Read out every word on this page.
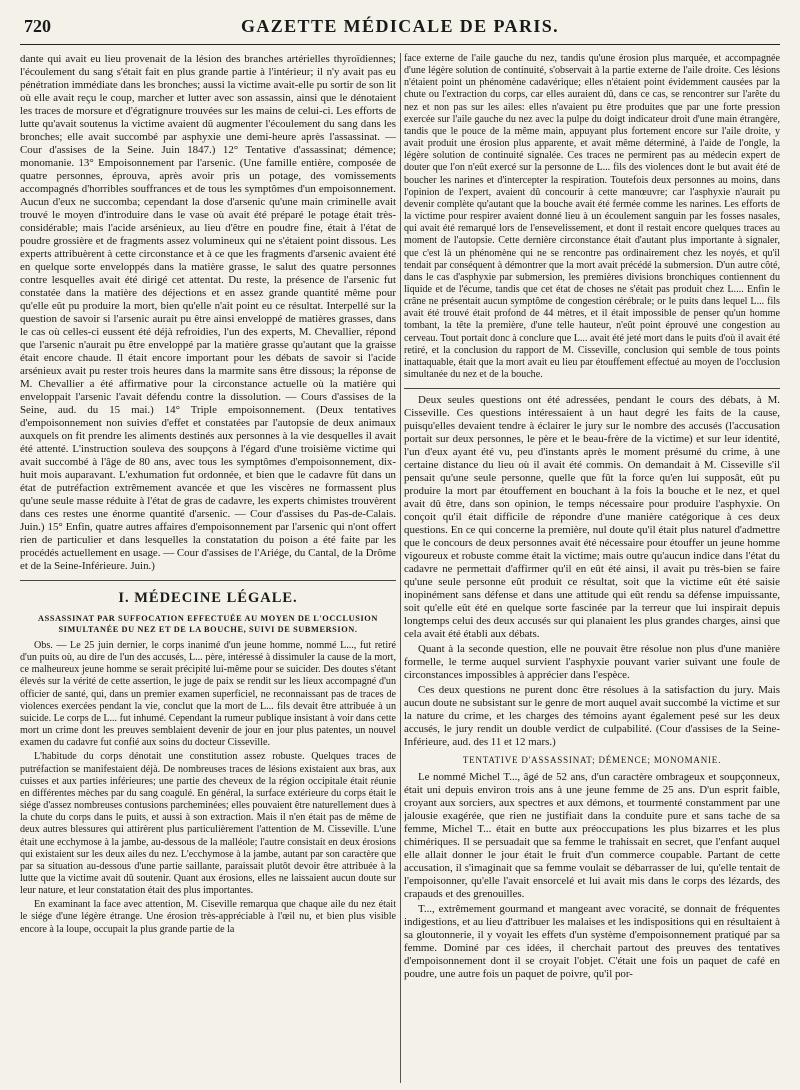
720	GAZETTE MÉDICALE DE PARIS.

dante qui avait eu lieu provenait de la lésion des branches artérielles thyroïdiennes; l'écoulement du sang s'était fait en plus grande partie à l'intérieur; il n'y avait pas eu pénétration immédiate dans les bronches; aussi la victime avait-elle pu sortir de son lit où elle avait reçu le coup, marcher et lutter avec son assassin, ainsi que le dénotaient les traces de morsure et d'égratignure trouvées sur les mains de celui-ci. Les efforts de lutte qu'avait soutenus la victime avaient dû augmenter l'écoulement du sang dans les bronches; elle avait succombé par asphyxie une demi-heure après l'assassinat. — Cour d'assises de la Seine. Juin 1847.) 12° Tentative d'assassinat; démence; monomanie. 13° Empoisonnement par l'arsenic. (Une famille entière, composée de quatre personnes, éprouva, après avoir pris un potage, des vomissements accompagnés d'horribles souffrances et de tous les symptômes d'un empoisonnement. Aucun d'eux ne succomba; cependant la dose d'arsenic qu'une main criminelle avait trouvé le moyen d'introduire dans le vase où avait été préparé le potage était très-considérable; mais l'acide arsénieux, au lieu d'être en poudre fine, était à l'état de poudre grossière et de fragments assez volumineux qui ne s'étaient point dissous. Les experts attribuèrent à cette circonstance et à ce que les fragments d'arsenic avaient été en quelque sorte enveloppés dans la matière grasse, le salut des quatre personnes contre lesquelles avait été dirigé cet attentat. Du reste, la présence de l'arsenic fut constatée dans la matière des déjections et en assez grande quantité même pour qu'elle eût pu produire la mort, bien qu'elle n'ait point eu ce résultat. Interpellé sur la question de savoir si l'arsenic aurait pu être ainsi enveloppé de matières grasses, dans le cas où celles-ci eussent été déjà refroidies, l'un des experts, M. Chevallier, répond que l'arsenic n'aurait pu être enveloppé par la matière grasse qu'autant que la graisse était encore chaude. Il était encore important pour les débats de savoir si l'acide arsénieux avait pu rester trois heures dans la marmite sans être dissous; la réponse de M. Chevallier a été affirmative pour la circonstance actuelle où la matière qui enveloppait l'arsenic l'avait défendu contre la dissolution. — Cours d'assises de la Seine, aud. du 15 mai.) 14° Triple empoisonnement. (Deux tentatives d'empoisonnement non suivies d'effet et constatées par l'autopsie de deux animaux auxquels on fit prendre les aliments destinés aux personnes à la vie desquelles il avait été attenté. L'instruction souleva des soupçons à l'égard d'une troisième victime qui avait succombé à l'âge de 80 ans, avec tous les symptômes d'empoisonnement, dix-huit mois auparavant. L'exhumation fut ordonnée, et bien que le cadavre fût dans un état de putréfaction extrêmement avancée et que les viscères ne formassent plus qu'une seule masse réduite à l'état de gras de cadavre, les experts chimistes trouvèrent dans ces restes une énorme quantité d'arsenic. — Cour d'assises du Pas-de-Calais. Juin.) 15° Enfin, quatre autres affaires d'empoisonnement par l'arsenic qui n'ont offert rien de particulier et dans lesquelles la constatation du poison a été faite par les procédés actuellement en usage. — Cour d'assises de l'Ariége, du Cantal, de la Drôme et de la Seine-Inférieure. Juin.)

I. MÉDECINE LÉGALE.
ASSASSINAT PAR SUFFOCATION EFFECTUÉE AU MOYEN DE L'OCCLUSION SIMULTANÉE DU NEZ ET DE LA BOUCHE, SUIVI DE SUBMERSION.

Obs. — Le 25 juin dernier, le corps inanimé d'un jeune homme, nommé L..., fut retiré d'un puits où, au dire de l'un des accusés, L... père, intéressé à dissimuler la cause de la mort, ce malheureux jeune homme se serait précipité lui-même pour se suicider. Des doutes s'étant élevés sur la vérité de cette assertion, le juge de paix se rendit sur les lieux accompagné d'un officier de santé, qui, dans un premier examen superficiel, ne reconnaissant pas de traces de violences exercées pendant la vie, conclut que la mort de L... fils devait être attribuée à un suicide. Le corps de L... fut inhumé. Cependant la rumeur publique insistant à voir dans cette mort un crime dont les preuves semblaient devenir de jour en jour plus patentes, un nouvel examen du cadavre fut confié aux soins du docteur Cisseville.

L'habitude du corps dénotait une constitution assez robuste. Quelques traces de putréfaction se manifestaient déjà. De nombreuses traces de lésions existaient aux bras, aux cuisses et aux parties inférieures; une partie des cheveux de la région occipitale était réunie en différentes mèches par du sang coagulé. En général, la surface extérieure du corps était le siége d'assez nombreuses contusions parcheminées; elles pouvaient être naturellement dues à la chute du corps dans le puits, et aussi à son extraction. Mais il n'en était pas de même de deux autres blessures qui attirèrent plus particulièrement l'attention de M. Cisseville. L'une était une ecchymose à la jambe, au-dessous de la malléole; l'autre consistait en deux érosions qui existaient sur les deux ailes du nez. L'ecchymose à la jambe, autant par son caractère que par sa situation au-dessous d'une partie saillante, paraissait plutôt devoir être attribuée à la lutte que la victime avait dû soutenir. Quant aux érosions, elles ne laissaient aucun doute sur leur nature, et leur constatation était des plus importantes.

En examinant la face avec attention, M. Ciseville remarqua que chaque aile du nez était le siége d'une légère étrange. Une érosion très-appréciable à l'œil nu, et bien plus visible encore à la loupe, occupait la plus grande partie de la

face externe de l'aile gauche du nez, tandis qu'une érosion plus marquée, et accompagnée d'une légère solution de continuité, s'observait à la partie externe de l'aile droite. Ces lésions n'étaient point un phénomène cadavérique; elles n'étaient point évidemment causées par la chute ou l'extraction du corps, car elles auraient dû, dans ce cas, se rencontrer sur l'arête du nez et non pas sur les ailes: elles n'avaient pu être produites que par une forte pression exercée sur l'aile gauche du nez avec la pulpe du doigt indicateur droit d'une main étrangère, tandis que le pouce de la même main, appuyant plus fortement encore sur l'aile droite, y avait produit une érosion plus apparente, et avait même déterminé, à l'aide de l'ongle, la légère solution de continuité signalée. Ces traces ne permirent pas au médecin expert de douter que l'on n'eût exercé sur la personne de L... fils des violences dont le but avait été de boucher les narines et d'intercepter la respiration. Toutefois deux personnes au moins, dans l'opinion de l'expert, avaient dû concourir à cette manœuvre; car l'asphyxie n'aurait pu devenir complète qu'autant que la bouche avait été fermée comme les narines. Les efforts de la victime pour respirer avaient donné lieu à un écoulement sanguin par les fosses nasales, qui avait été remarqué lors de l'ensevelissement, et dont il restait encore quelques traces au moment de l'autopsie. Cette dernière circonstance était d'autant plus importante à signaler, que c'est là un phénomène qui ne se rencontre pas ordinairement chez les noyés, et qu'il tendait par conséquent à démontrer que la mort avait précédé la submersion. D'un autre côté, dans le cas d'asphyxie par submersion, les premières divisions bronchiques contiennent du liquide et de l'écume, tandis que cet état de choses ne s'était pas produit chez L.... Enfin le crâne ne présentait aucun symptôme de congestion cérébrale; or le puits dans lequel L... fils avait été trouvé était profond de 44 mètres, et il était impossible de penser qu'un homme tombant, la tête la première, d'une telle hauteur, n'eût point éprouvé une congestion au cerveau. Tout portait donc à conclure que L... avait été jeté mort dans le puits d'où il avait été retiré, et la conclusion du rapport de M. Cisseville, conclusion qui semble de tous points inattaquable, était que la mort avait eu lieu par étouffement effectué au moyen de l'occlusion simultanée du nez et de la bouche.

Deux seules questions ont été adressées, pendant le cours des débats, à M. Cisseville. Ces questions intéressaient à un haut degré les faits de la cause, puisqu'elles devaient tendre à éclairer le jury sur le nombre des accusés (l'accusation portait sur deux personnes, le père et le beau-frère de la victime) et sur leur identité, l'un d'eux ayant été vu, peu d'instants après le moment présumé du crime, à une certaine distance du lieu où il avait été commis. On demandait à M. Cisseville s'il pensait qu'une seule personne, quelle que fût la force qu'en lui supposât, eût pu produire la mort par étouffement en bouchant à la fois la bouche et le nez, et quel avait dû être, dans son opinion, le temps nécessaire pour produire l'asphyxie. On conçoit qu'il était difficile de répondre d'une manière catégorique à ces deux questions. En ce qui concerne la première, nul doute qu'il était plus naturel d'admettre que le concours de deux personnes avait été nécessaire pour étouffer un jeune homme vigoureux et robuste comme était la victime; mais outre qu'aucun indice dans l'état du cadavre ne permettait d'affirmer qu'il en eût été ainsi, il avait pu très-bien se faire qu'une seule personne eût produit ce résultat, soit que la victime eût été saisie inopinément sans défense et dans une attitude qui eût rendu sa défense impuissante, soit qu'elle eût été en quelque sorte fascinée par la terreur que lui inspirait depuis longtemps celui des deux accusés sur qui planaient les plus grandes charges, ainsi que cela avait été établi aux débats.

Quant à la seconde question, elle ne pouvait être résolue non plus d'une manière formelle, le terme auquel survient l'asphyxie pouvant varier suivant une foule de circonstances impossibles à apprécier dans l'espèce.

Ces deux questions ne purent donc être résolues à la satisfaction du jury. Mais aucun doute ne subsistant sur le genre de mort auquel avait succombé la victime et sur la nature du crime, et les charges des témoins ayant également pesé sur les deux accusés, le jury rendit un double verdict de culpabilité. (Cour d'assises de la Seine-Inférieure, aud. des 11 et 12 mars.)

TENTATIVE D'ASSASSINAT; DÉMENCE; MONOMANIE.

Le nommé Michel T..., âgé de 52 ans, d'un caractère ombrageux et soupçonneux, était uni depuis environ trois ans à une jeune femme de 25 ans. D'un esprit faible, croyant aux sorciers, aux spectres et aux démons, et tourmenté constamment par une jalousie exagérée, que rien ne justifiait dans la conduite pure et sans tache de sa femme, Michel T... était en butte aux préoccupations les plus bizarres et les plus chimériques. Il se persuadait que sa femme le trahissait en secret, que l'enfant auquel elle allait donner le jour était le fruit d'un commerce coupable. Partant de cette accusation, il s'imaginait que sa femme voulait se débarrasser de lui, qu'elle tentait de l'empoisonner, qu'elle l'avait ensorcelé et lui avait mis dans le corps des lézards, des crapauds et des grenouilles.

T..., extrêmement gourmand et mangeant avec voracité, se donnait de fréquentes indigestions, et au lieu d'attribuer les malaises et les indispositions qui en résultaient à sa gloutonnerie, il y voyait les effets d'un système d'empoisonnement pratiqué par sa femme. Dominé par ces idées, il cherchait partout des preuves des tentatives d'empoisonnement dont il se croyait l'objet. C'était une fois un paquet de café en poudre, une autre fois un paquet de poivre, qu'il por-
